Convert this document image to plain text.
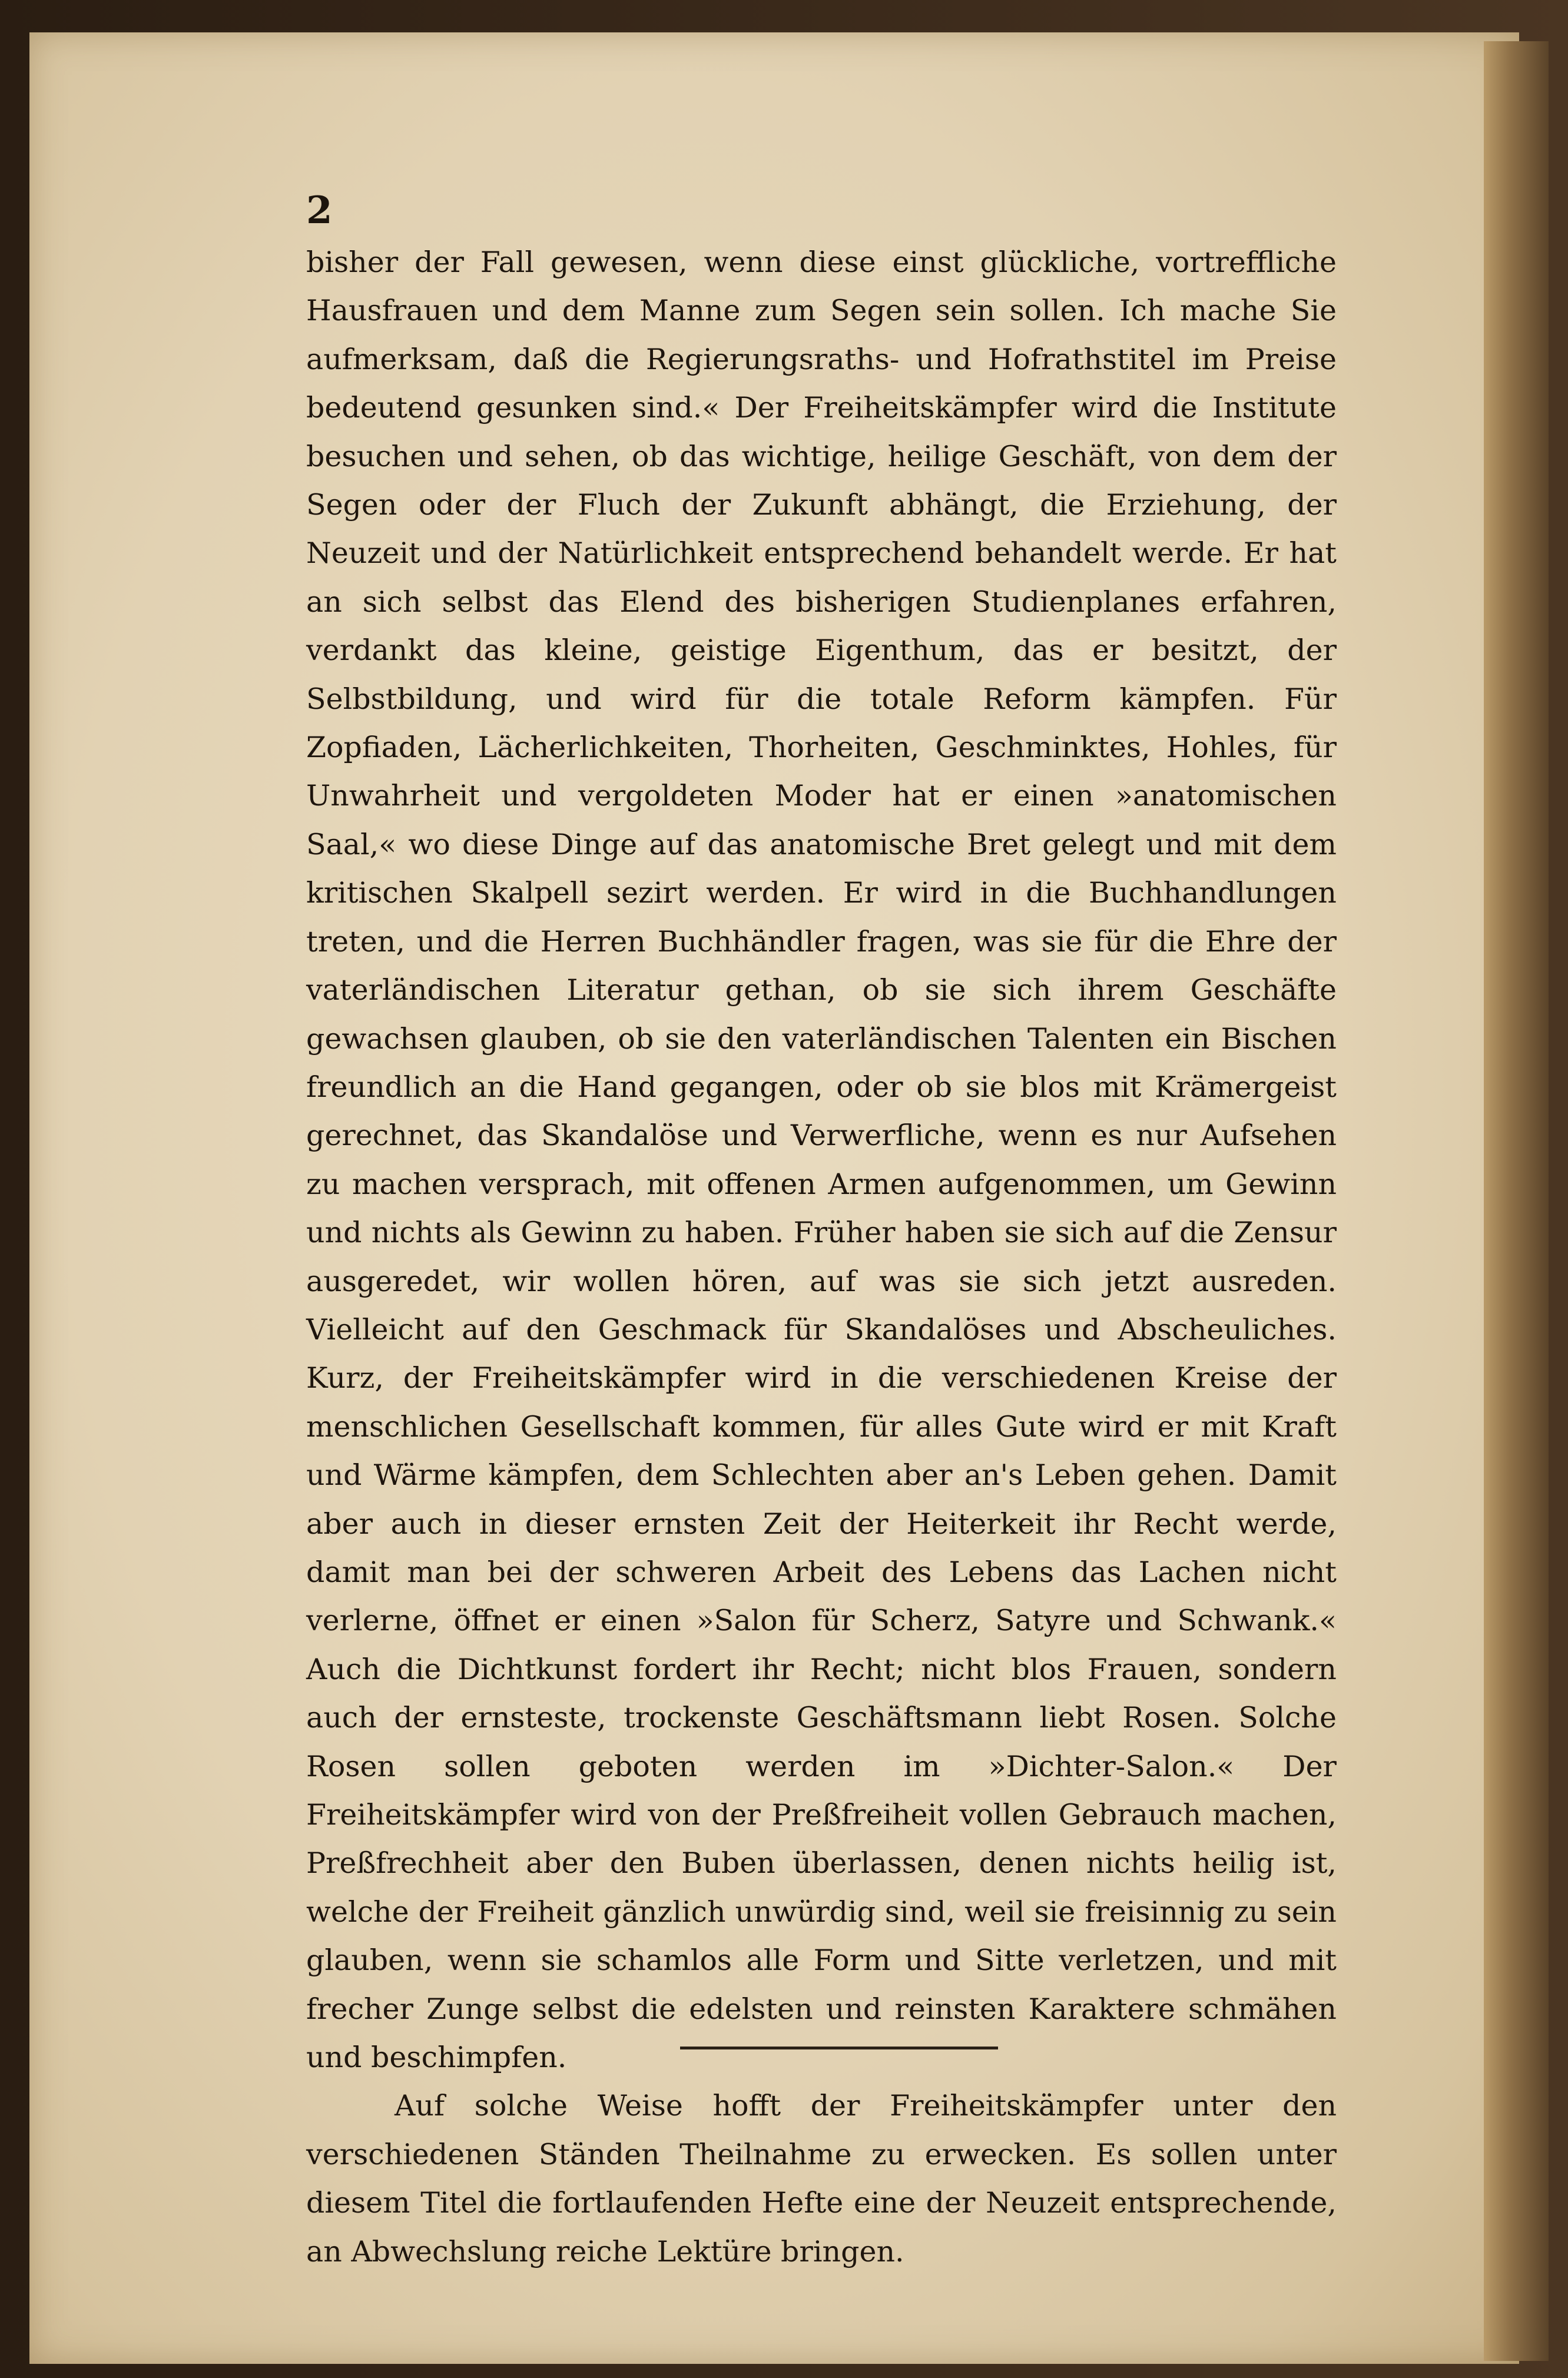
2

bisher der Fall gewesen, wenn diese einst glückliche, vortreffliche Hausfrauen und dem Manne zum Segen sein sollen. Ich mache Sie aufmerksam, daß die Regierungsraths- und Hofrathstitel im Preise bedeutend gesunken sind.« Der Freiheitskämpfer wird die Institute besuchen und sehen, ob das wichtige, heilige Geschäft, von dem der Segen oder der Fluch der Zukunft abhängt, die Erziehung, der Neuzeit und der Natürlichkeit entsprechend behandelt werde. Er hat an sich selbst das Elend des bisherigen Studienplanes erfahren, verdankt das kleine, geistige Eigenthum, das er besitzt, der Selbstbildung, und wird für die totale Reform kämpfen. Für Zopfiaden, Lächerlichkeiten, Thorheiten, Geschminktes, Hohles, für Unwahrheit und vergoldeten Moder hat er einen »anatomischen Saal,« wo diese Dinge auf das anatomische Bret gelegt und mit dem kritischen Skalpell sezirt werden. Er wird in die Buchhandlungen treten, und die Herren Buchhändler fragen, was sie für die Ehre der vaterländischen Literatur gethan, ob sie sich ihrem Geschäfte gewachsen glauben, ob sie den vaterländischen Talenten ein Bischen freundlich an die Hand gegangen, oder ob sie blos mit Krämergeist gerechnet, das Skandalöse und Verwerfliche, wenn es nur Aufsehen zu machen versprach, mit offenen Armen aufgenommen, um Gewinn und nichts als Gewinn zu haben. Früher haben sie sich auf die Zensur ausgeredet, wir wollen hören, auf was sie sich jetzt ausreden. Vielleicht auf den Geschmack für Skandalöses und Abscheuliches. Kurz, der Freiheitskämpfer wird in die verschiedenen Kreise der menschlichen Gesellschaft kommen, für alles Gute wird er mit Kraft und Wärme kämpfen, dem Schlechten aber an's Leben gehen. Damit aber auch in dieser ernsten Zeit der Heiterkeit ihr Recht werde, damit man bei der schweren Arbeit des Lebens das Lachen nicht verlerne, öffnet er einen »Salon für Scherz, Satyre und Schwank.« Auch die Dichtkunst fordert ihr Recht; nicht blos Frauen, sondern auch der ernsteste, trockenste Geschäftsmann liebt Rosen. Solche Rosen sollen geboten werden im »Dichter-Salon.« Der Freiheitskämpfer wird von der Preßfreiheit vollen Gebrauch machen, Preßfrechheit aber den Buben überlassen, denen nichts heilig ist, welche der Freiheit gänzlich unwürdig sind, weil sie freisinnig zu sein glauben, wenn sie schamlos alle Form und Sitte verletzen, und mit frecher Zunge selbst die edelsten und reinsten Karaktere schmähen und beschimpfen.

Auf solche Weise hofft der Freiheitskämpfer unter den verschiedenen Ständen Theilnahme zu erwecken. Es sollen unter diesem Titel die fortlaufenden Hefte eine der Neuzeit entsprechende, an Abwechslung reiche Lektüre bringen.
